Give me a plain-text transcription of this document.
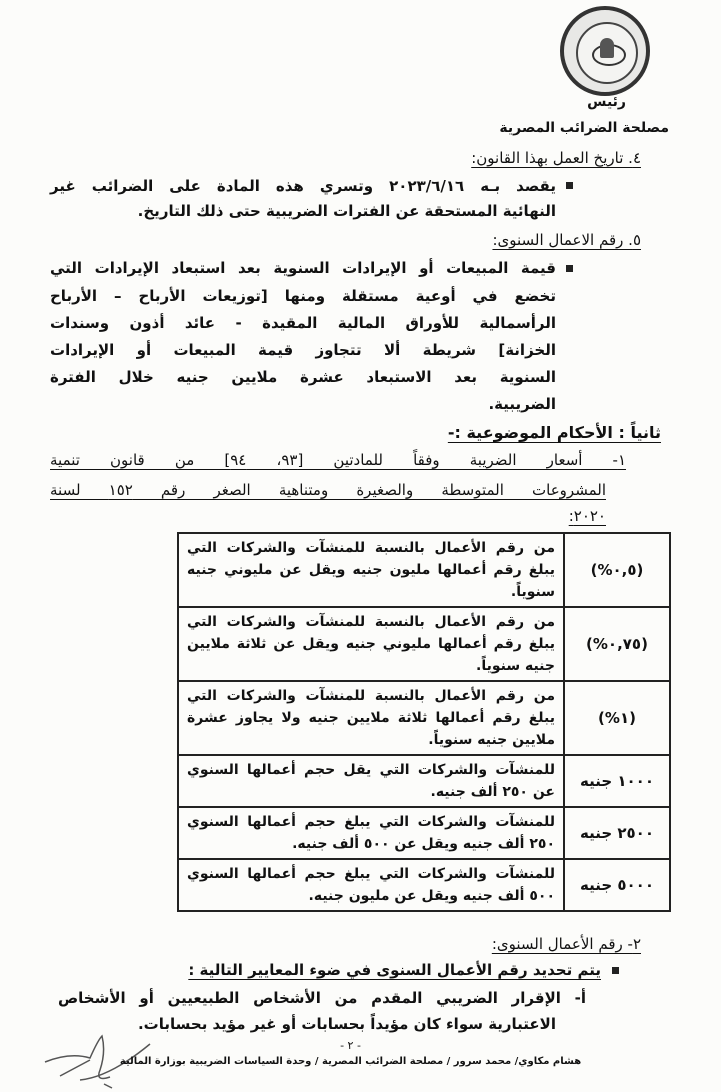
رئيس
مصلحة الضرائب المصرية
٤. تاريخ العمل بهذا القانون:
يقصد بـه ٢٠٢٣/٦/١٦ وتسري هذه المادة على الضرائب غير
النهائية المستحقة عن الفترات الضريبية حتى ذلك التاريخ.
٥. رقم الاعمال السنوى:
قيمة المبيعات أو الإيرادات السنوية بعد استبعاد الإيرادات التي
تخضع في أوعية مستقلة ومنها [توزيعات الأرباح – الأرباح
الرأسمالية للأوراق المالية المقيدة - عائد أذون وسندات
الخزانة] شريطة ألا تتجاوز قيمة المبيعات أو الإيرادات
السنوية بعد الاستبعاد عشرة ملايين جنيه خلال الفترة
الضريبية.
ثانياً : الأحكام الموضوعية :-
١- أسعار الضريبة وفقاً للمادتين [٩٣، ٩٤] من قانون تنمية
المشروعات المتوسطة والصغيرة ومتناهية الصغر رقم ١٥٢ لسنة
٢٠٢٠:
(٠,٥%)	من رقم الأعمال بالنسبة للمنشآت والشركات التي يبلغ رقم أعمالها مليون جنيه ويقل عن مليوني جنيه سنوياً.
(٠,٧٥%)	من رقم الأعمال بالنسبة للمنشآت والشركات التي يبلغ رقم أعمالها مليوني جنيه ويقل عن ثلاثة ملايين جنيه سنوياً.
(١%)	من رقم الأعمال بالنسبة للمنشآت والشركات التي يبلغ رقم أعمالها ثلاثة ملايين جنيه ولا يجاوز عشرة ملايين جنيه سنوياً.
١٠٠٠ جنيه	للمنشآت والشركات التي يقل حجم أعمالها السنوي عن ٢٥٠ ألف جنيه.
٢٥٠٠ جنيه	للمنشآت والشركات التي يبلغ حجم أعمالها السنوي ٢٥٠ ألف جنيه ويقل عن ٥٠٠ ألف جنيه.
٥٠٠٠ جنيه	للمنشآت والشركات التي يبلغ حجم أعمالها السنوي ٥٠٠ ألف جنيه ويقل عن مليون جنيه.
٢- رقم الأعمال السنوى:
يتم تحديد رقم الأعمال السنوى في ضوء المعايير التالية :
أ- الإقرار الضريبي المقدم من الأشخاص الطبيعيين أو الأشخاص
الاعتبارية سواء كان مؤيداً بحسابات أو غير مؤيد بحسابات.
- ٢ -
هشام مكاوي/ محمد سرور / مصلحة الضرائب المصرية / وحدة السياسات الضريبية بوزارة المالية
